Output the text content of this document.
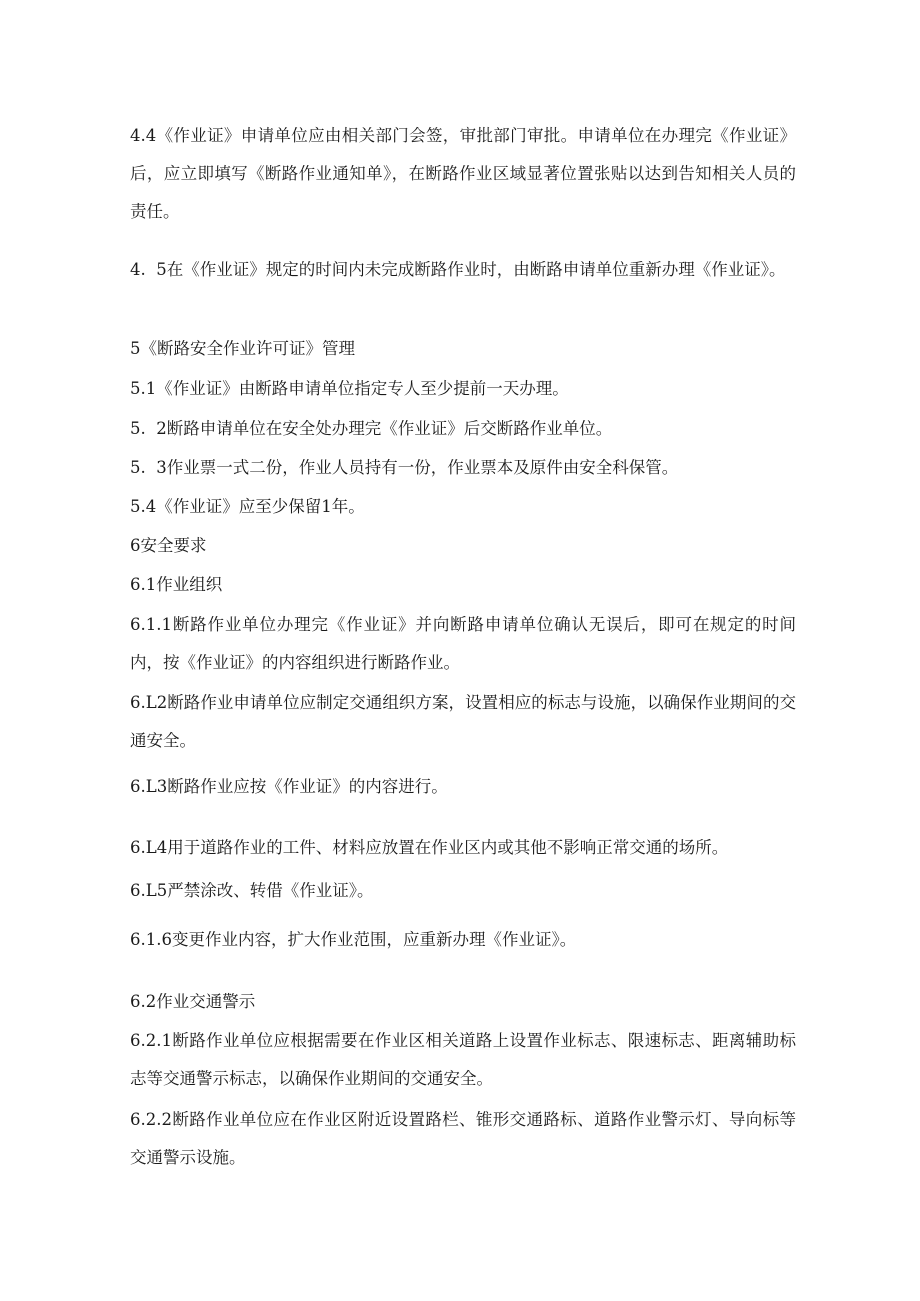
4.4《作业证》申请单位应由相关部门会签，审批部门审批。申请单位在办理完《作业证》后，应立即填写《断路作业通知单》，在断路作业区域显著位置张贴以达到告知相关人员的责任。

4.  5在《作业证》规定的时间内未完成断路作业时，由断路申请单位重新办理《作业证》。

5《断路安全作业许可证》管理

5.1《作业证》由断路申请单位指定专人至少提前一天办理。

5.  2断路申请单位在安全处办理完《作业证》后交断路作业单位。

5.  3作业票一式二份，作业人员持有一份，作业票本及原件由安全科保管。

5.4《作业证》应至少保留1年。

6安全要求

6.1作业组织

6.1.1断路作业单位办理完《作业证》并向断路申请单位确认无误后，即可在规定的时间内，按《作业证》的内容组织进行断路作业。

6.L2断路作业申请单位应制定交通组织方案，设置相应的标志与设施，以确保作业期间的交通安全。

6.L3断路作业应按《作业证》的内容进行。

6.L4用于道路作业的工件、材料应放置在作业区内或其他不影响正常交通的场所。

6.L5严禁涂改、转借《作业证》。

6.1.6变更作业内容，扩大作业范围，应重新办理《作业证》。

6.2作业交通警示

6.2.1断路作业单位应根据需要在作业区相关道路上设置作业标志、限速标志、距离辅助标志等交通警示标志，以确保作业期间的交通安全。

6.2.2断路作业单位应在作业区附近设置路栏、锥形交通路标、道路作业警示灯、导向标等交通警示设施。
